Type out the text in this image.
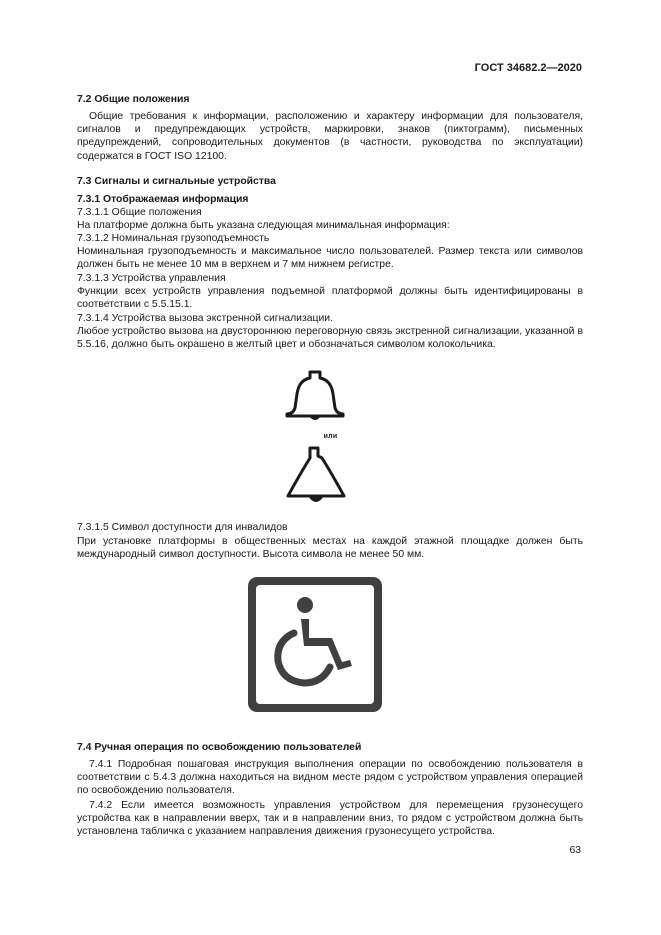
ГОСТ 34682.2—2020
7.2 Общие положения
Общие требования к информации, расположению и характеру информации для пользователя, сигналов и предупреждающих устройств, маркировки, знаков (пиктограмм), письменных предупреждений, сопроводительных документов (в частности, руководства по эксплуатации) содержатся в ГОСТ ISO 12100.
7.3 Сигналы и сигнальные устройства
7.3.1 Отображаемая информация
7.3.1.1 Общие положения
На платформе должна быть указана следующая минимальная информация:
7.3.1.2 Номинальная грузоподъемность
Номинальная грузоподъемность и максимальное число пользователей. Размер текста или символов должен быть не менее 10 мм в верхнем и 7 мм нижнем регистре.
7.3.1.3 Устройства управления
Функции всех устройств управления подъемной платформой должны быть идентифицированы в соответствии с 5.5.15.1.
7.3.1.4 Устройства вызова экстренной сигнализации.
Любое устройство вызова на двустороннюю переговорную связь экстренной сигнализации, указанной в 5.5.16, должно быть окрашено в желтый цвет и обозначаться символом колокольчика.
или
7.3.1.5 Символ доступности для инвалидов
При установке платформы в общественных местах на каждой этажной площадке должен быть международный символ доступности. Высота символа не менее 50 мм.
7.4 Ручная операция по освобождению пользователей
7.4.1 Подробная пошаговая инструкция выполнения операции по освобождению пользователя в соответствии с 5.4.3 должна находиться на видном месте рядом с устройством управления операцией по освобождению пользователя.
7.4.2 Если имеется возможность управления устройством для перемещения грузонесущего устройства как в направлении вверх, так и в направлении вниз, то рядом с устройством должна быть установлена табличка с указанием направления движения грузонесущего устройства.
63
